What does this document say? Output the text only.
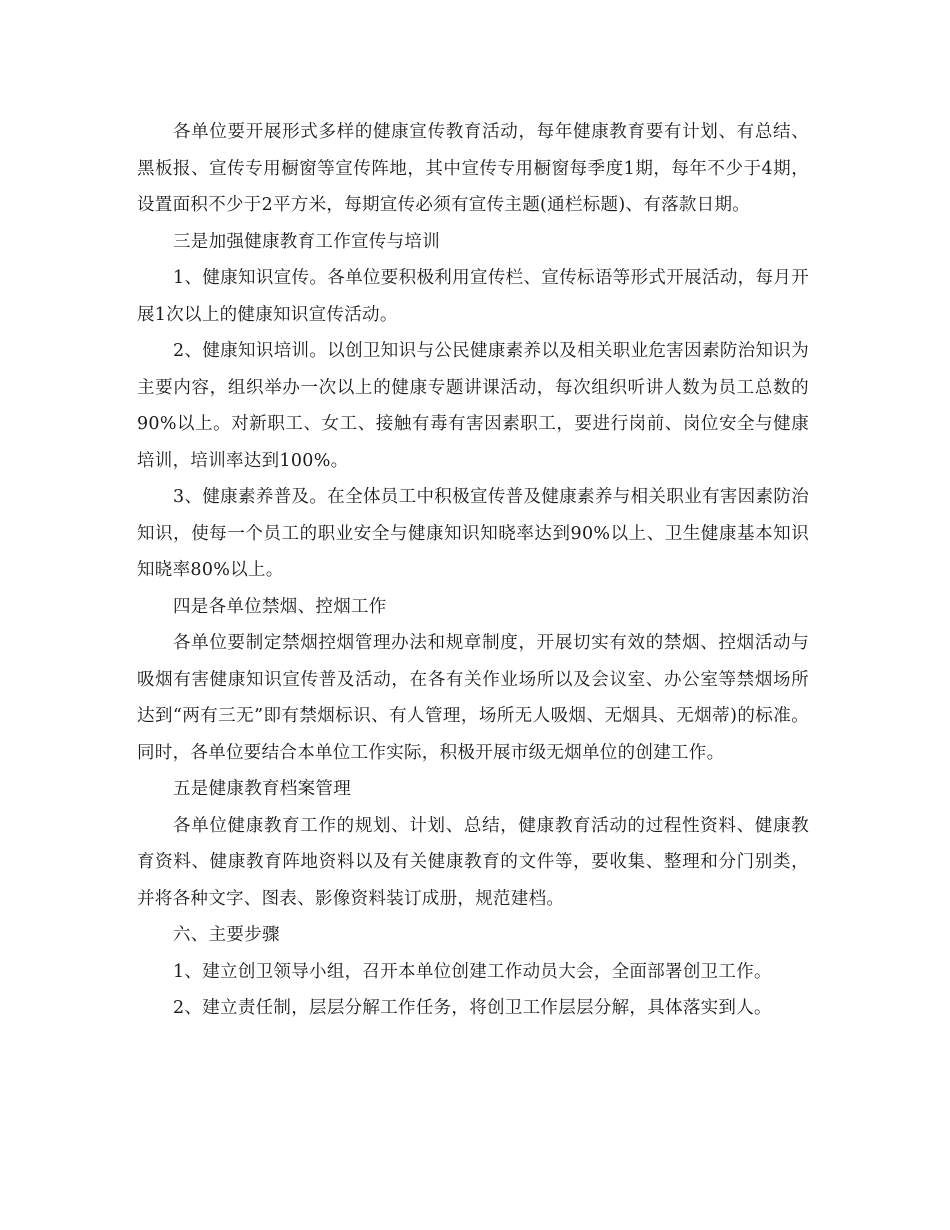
各单位要开展形式多样的健康宣传教育活动，每年健康教育要有计划、有总结、黑板报、宣传专用橱窗等宣传阵地，其中宣传专用橱窗每季度1期，每年不少于4期，设置面积不少于2平方米，每期宣传必须有宣传主题(通栏标题)、有落款日期。

三是加强健康教育工作宣传与培训

1、健康知识宣传。各单位要积极利用宣传栏、宣传标语等形式开展活动，每月开展1次以上的健康知识宣传活动。

2、健康知识培训。以创卫知识与公民健康素养以及相关职业危害因素防治知识为主要内容，组织举办一次以上的健康专题讲课活动，每次组织听讲人数为员工总数的90%以上。对新职工、女工、接触有毒有害因素职工，要进行岗前、岗位安全与健康培训，培训率达到100%。

3、健康素养普及。在全体员工中积极宣传普及健康素养与相关职业有害因素防治知识，使每一个员工的职业安全与健康知识知晓率达到90%以上、卫生健康基本知识知晓率80%以上。

四是各单位禁烟、控烟工作

各单位要制定禁烟控烟管理办法和规章制度，开展切实有效的禁烟、控烟活动与吸烟有害健康知识宣传普及活动，在各有关作业场所以及会议室、办公室等禁烟场所达到“两有三无”即有禁烟标识、有人管理，场所无人吸烟、无烟具、无烟蒂)的标准。同时，各单位要结合本单位工作实际，积极开展市级无烟单位的创建工作。

五是健康教育档案管理

各单位健康教育工作的规划、计划、总结，健康教育活动的过程性资料、健康教育资料、健康教育阵地资料以及有关健康教育的文件等，要收集、整理和分门别类，并将各种文字、图表、影像资料装订成册，规范建档。

六、主要步骤

1、建立创卫领导小组，召开本单位创建工作动员大会，全面部署创卫工作。

2、建立责任制，层层分解工作任务，将创卫工作层层分解，具体落实到人。
